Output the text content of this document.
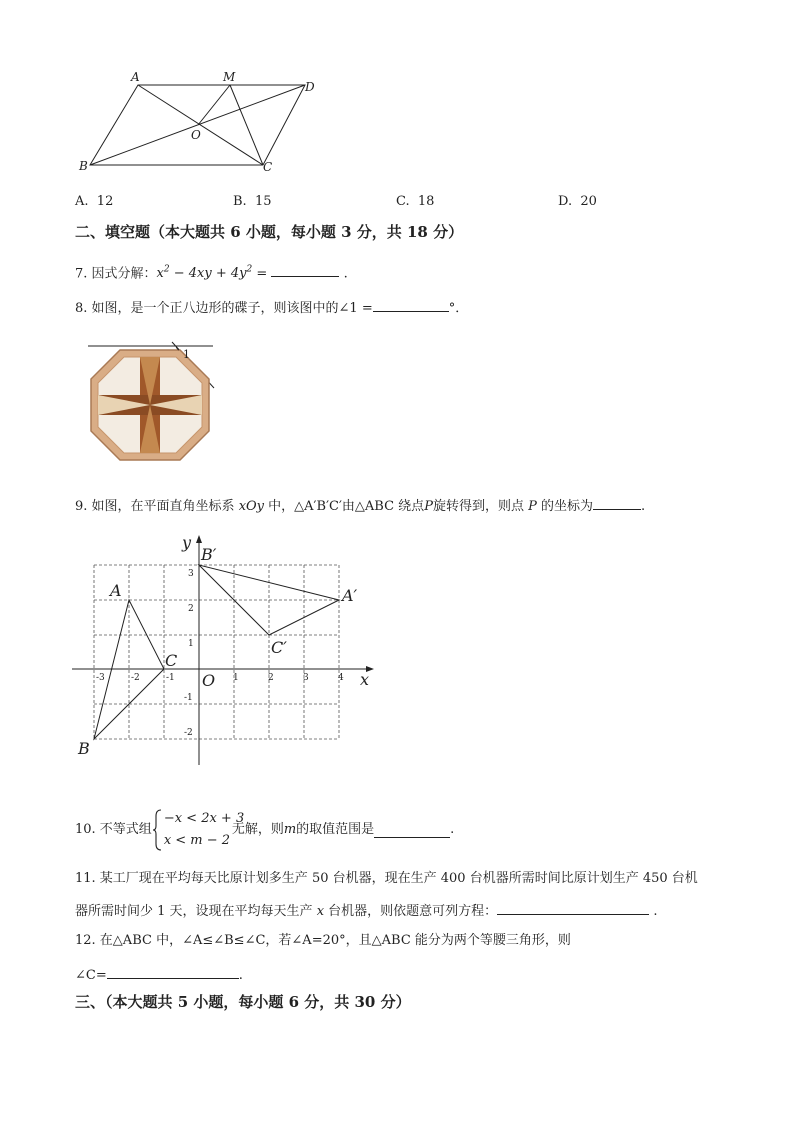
A	M
D
O
B	C
A. 12	B. 15	C. 18	D. 20
二、填空题（本大题共 6 小题，每小题 3 分，共 18 分）
7. 因式分解：$x^2 - 4xy + 4y^2$ =	.
8. 如图，是一个正八边形的碟子，则该图中的∠1 =	°．
1
9. 如图，在平面直角坐标系 xOy 中，△A′B′C′由△ABC 绕点P旋转得到，则点 P 的坐标为	.
-3	-2	-1	1	2	3	4
3
2
1
-1
-2
y
x
O
A
B
C
A′
B′
C′
10. 不等式组
−x < 2x + 3
x < m − 2
无解，则m的取值范围是	.
11. 某工厂现在平均每天比原计划多生产 50 台机器，现在生产 400 台机器所需时间比原计划生产 450 台机
器所需时间少 1 天，设现在平均每天生产 x 台机器，则依题意可列方程：	.
12. 在△ABC 中，∠A≤∠B≤∠C，若∠A=20°，且△ABC 能分为两个等腰三角形，则
∠C=	.
三、（本大题共 5 小题，每小题 6 分，共 30 分）
